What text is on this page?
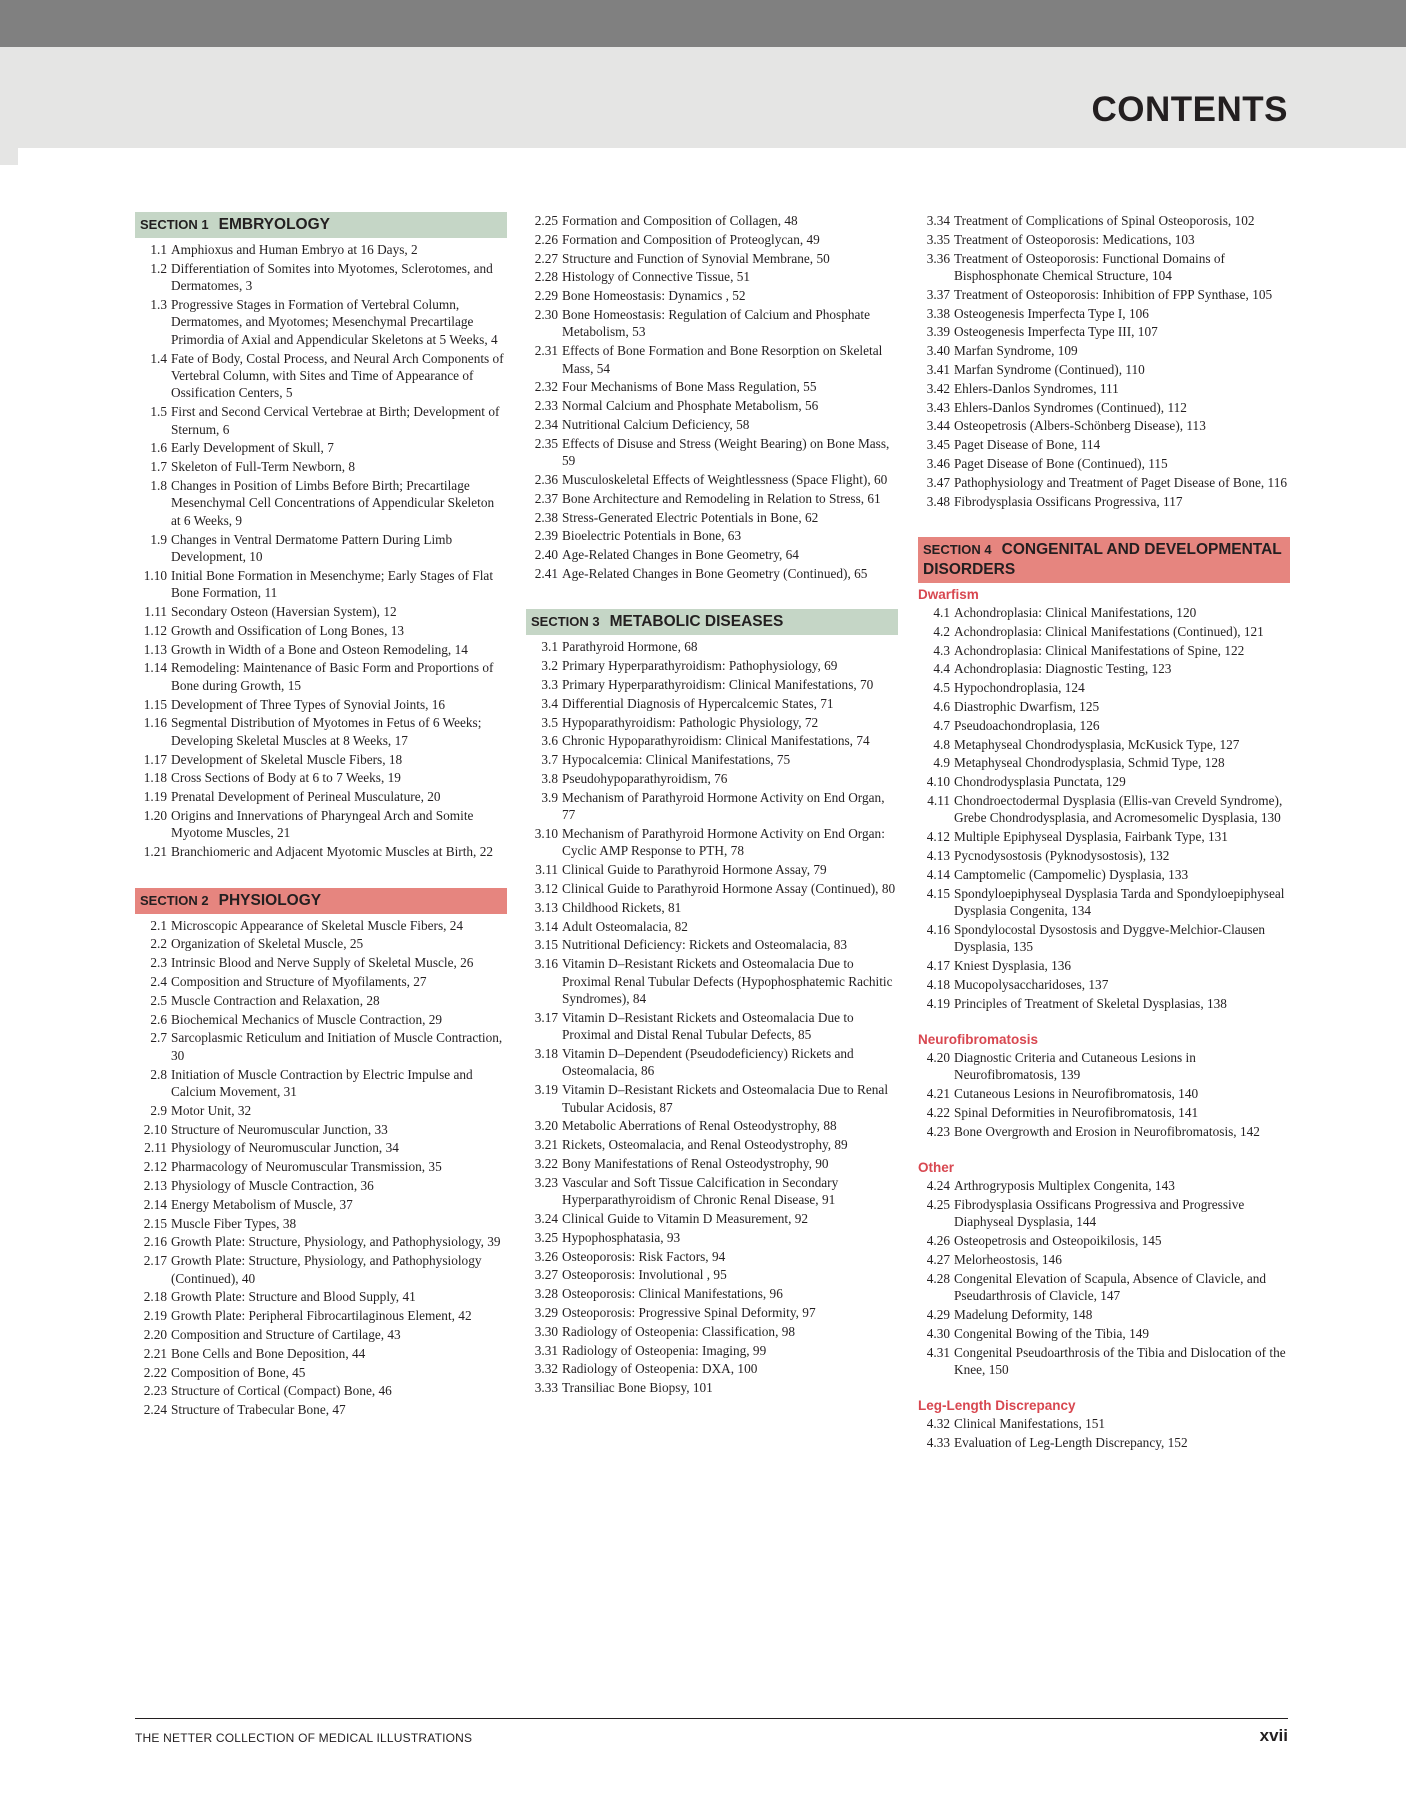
CONTENTS
SECTION 1 EMBRYOLOGY
1.1 Amphioxus and Human Embryo at 16 Days, 2
1.2 Differentiation of Somites into Myotomes, Sclerotomes, and Dermatomes, 3
1.3 Progressive Stages in Formation of Vertebral Column, Dermatomes, and Myotomes; Mesenchymal Precartilage Primordia of Axial and Appendicular Skeletons at 5 Weeks, 4
1.4 Fate of Body, Costal Process, and Neural Arch Components of Vertebral Column, with Sites and Time of Appearance of Ossification Centers, 5
1.5 First and Second Cervical Vertebrae at Birth; Development of Sternum, 6
1.6 Early Development of Skull, 7
1.7 Skeleton of Full-Term Newborn, 8
1.8 Changes in Position of Limbs Before Birth; Precartilage Mesenchymal Cell Concentrations of Appendicular Skeleton at 6 Weeks, 9
1.9 Changes in Ventral Dermatome Pattern During Limb Development, 10
1.10 Initial Bone Formation in Mesenchyme; Early Stages of Flat Bone Formation, 11
1.11 Secondary Osteon (Haversian System), 12
1.12 Growth and Ossification of Long Bones, 13
1.13 Growth in Width of a Bone and Osteon Remodeling, 14
1.14 Remodeling: Maintenance of Basic Form and Proportions of Bone during Growth, 15
1.15 Development of Three Types of Synovial Joints, 16
1.16 Segmental Distribution of Myotomes in Fetus of 6 Weeks; Developing Skeletal Muscles at 8 Weeks, 17
1.17 Development of Skeletal Muscle Fibers, 18
1.18 Cross Sections of Body at 6 to 7 Weeks, 19
1.19 Prenatal Development of Perineal Musculature, 20
1.20 Origins and Innervations of Pharyngeal Arch and Somite Myotome Muscles, 21
1.21 Branchiomeric and Adjacent Myotomic Muscles at Birth, 22
SECTION 2 PHYSIOLOGY
2.1 Microscopic Appearance of Skeletal Muscle Fibers, 24
2.2 Organization of Skeletal Muscle, 25
2.3 Intrinsic Blood and Nerve Supply of Skeletal Muscle, 26
2.4 Composition and Structure of Myofilaments, 27
2.5 Muscle Contraction and Relaxation, 28
2.6 Biochemical Mechanics of Muscle Contraction, 29
2.7 Sarcoplasmic Reticulum and Initiation of Muscle Contraction, 30
2.8 Initiation of Muscle Contraction by Electric Impulse and Calcium Movement, 31
2.9 Motor Unit, 32
2.10 Structure of Neuromuscular Junction, 33
2.11 Physiology of Neuromuscular Junction, 34
2.12 Pharmacology of Neuromuscular Transmission, 35
2.13 Physiology of Muscle Contraction, 36
2.14 Energy Metabolism of Muscle, 37
2.15 Muscle Fiber Types, 38
2.16 Growth Plate: Structure, Physiology, and Pathophysiology, 39
2.17 Growth Plate: Structure, Physiology, and Pathophysiology (Continued), 40
2.18 Growth Plate: Structure and Blood Supply, 41
2.19 Growth Plate: Peripheral Fibrocartilaginous Element, 42
2.20 Composition and Structure of Cartilage, 43
2.21 Bone Cells and Bone Deposition, 44
2.22 Composition of Bone, 45
2.23 Structure of Cortical (Compact) Bone, 46
2.24 Structure of Trabecular Bone, 47
2.25 Formation and Composition of Collagen, 48
2.26 Formation and Composition of Proteoglycan, 49
2.27 Structure and Function of Synovial Membrane, 50
2.28 Histology of Connective Tissue, 51
2.29 Bone Homeostasis: Dynamics , 52
2.30 Bone Homeostasis: Regulation of Calcium and Phosphate Metabolism, 53
2.31 Effects of Bone Formation and Bone Resorption on Skeletal Mass, 54
2.32 Four Mechanisms of Bone Mass Regulation, 55
2.33 Normal Calcium and Phosphate Metabolism, 56
2.34 Nutritional Calcium Deficiency, 58
2.35 Effects of Disuse and Stress (Weight Bearing) on Bone Mass, 59
2.36 Musculoskeletal Effects of Weightlessness (Space Flight), 60
2.37 Bone Architecture and Remodeling in Relation to Stress, 61
2.38 Stress-Generated Electric Potentials in Bone, 62
2.39 Bioelectric Potentials in Bone, 63
2.40 Age-Related Changes in Bone Geometry, 64
2.41 Age-Related Changes in Bone Geometry (Continued), 65
SECTION 3 METABOLIC DISEASES
3.1 Parathyroid Hormone, 68
3.2 Primary Hyperparathyroidism: Pathophysiology, 69
3.3 Primary Hyperparathyroidism: Clinical Manifestations, 70
3.4 Differential Diagnosis of Hypercalcemic States, 71
3.5 Hypoparathyroidism: Pathologic Physiology, 72
3.6 Chronic Hypoparathyroidism: Clinical Manifestations, 74
3.7 Hypocalcemia: Clinical Manifestations, 75
3.8 Pseudohypoparathyroidism, 76
3.9 Mechanism of Parathyroid Hormone Activity on End Organ, 77
3.10 Mechanism of Parathyroid Hormone Activity on End Organ: Cyclic AMP Response to PTH, 78
3.11 Clinical Guide to Parathyroid Hormone Assay, 79
3.12 Clinical Guide to Parathyroid Hormone Assay (Continued), 80
3.13 Childhood Rickets, 81
3.14 Adult Osteomalacia, 82
3.15 Nutritional Deficiency: Rickets and Osteomalacia, 83
3.16 Vitamin D–Resistant Rickets and Osteomalacia Due to Proximal Renal Tubular Defects (Hypophosphatemic Rachitic Syndromes), 84
3.17 Vitamin D–Resistant Rickets and Osteomalacia Due to Proximal and Distal Renal Tubular Defects, 85
3.18 Vitamin D–Dependent (Pseudodeficiency) Rickets and Osteomalacia, 86
3.19 Vitamin D–Resistant Rickets and Osteomalacia Due to Renal Tubular Acidosis, 87
3.20 Metabolic Aberrations of Renal Osteodystrophy, 88
3.21 Rickets, Osteomalacia, and Renal Osteodystrophy, 89
3.22 Bony Manifestations of Renal Osteodystrophy, 90
3.23 Vascular and Soft Tissue Calcification in Secondary Hyperparathyroidism of Chronic Renal Disease, 91
3.24 Clinical Guide to Vitamin D Measurement, 92
3.25 Hypophosphatasia, 93
3.26 Osteoporosis: Risk Factors, 94
3.27 Osteoporosis: Involutional , 95
3.28 Osteoporosis: Clinical Manifestations, 96
3.29 Osteoporosis: Progressive Spinal Deformity, 97
3.30 Radiology of Osteopenia: Classification, 98
3.31 Radiology of Osteopenia: Imaging, 99
3.32 Radiology of Osteopenia: DXA, 100
3.33 Transiliac Bone Biopsy, 101
3.34 Treatment of Complications of Spinal Osteoporosis, 102
3.35 Treatment of Osteoporosis: Medications, 103
3.36 Treatment of Osteoporosis: Functional Domains of Bisphosphonate Chemical Structure, 104
3.37 Treatment of Osteoporosis: Inhibition of FPP Synthase, 105
3.38 Osteogenesis Imperfecta Type I, 106
3.39 Osteogenesis Imperfecta Type III, 107
3.40 Marfan Syndrome, 109
3.41 Marfan Syndrome (Continued), 110
3.42 Ehlers-Danlos Syndromes, 111
3.43 Ehlers-Danlos Syndromes (Continued), 112
3.44 Osteopetrosis (Albers-Schönberg Disease), 113
3.45 Paget Disease of Bone, 114
3.46 Paget Disease of Bone (Continued), 115
3.47 Pathophysiology and Treatment of Paget Disease of Bone, 116
3.48 Fibrodysplasia Ossificans Progressiva, 117
SECTION 4 CONGENITAL AND DEVELOPMENTAL DISORDERS
Dwarfism
4.1 Achondroplasia: Clinical Manifestations, 120
4.2 Achondroplasia: Clinical Manifestations (Continued), 121
4.3 Achondroplasia: Clinical Manifestations of Spine, 122
4.4 Achondroplasia: Diagnostic Testing, 123
4.5 Hypochondroplasia, 124
4.6 Diastrophic Dwarfism, 125
4.7 Pseudoachondroplasia, 126
4.8 Metaphyseal Chondrodysplasia, McKusick Type, 127
4.9 Metaphyseal Chondrodysplasia, Schmid Type, 128
4.10 Chondrodysplasia Punctata, 129
4.11 Chondroectodermal Dysplasia (Ellis-van Creveld Syndrome), Grebe Chondrodysplasia, and Acromesomelic Dysplasia, 130
4.12 Multiple Epiphyseal Dysplasia, Fairbank Type, 131
4.13 Pycnodysostosis (Pyknodysostosis), 132
4.14 Camptomelic (Campomelic) Dysplasia, 133
4.15 Spondyloepiphyseal Dysplasia Tarda and Spondyloepiphyseal Dysplasia Congenita, 134
4.16 Spondylocostal Dysostosis and Dyggve-Melchior-Clausen Dysplasia, 135
4.17 Kniest Dysplasia, 136
4.18 Mucopolysaccharidoses, 137
4.19 Principles of Treatment of Skeletal Dysplasias, 138
Neurofibromatosis
4.20 Diagnostic Criteria and Cutaneous Lesions in Neurofibromatosis, 139
4.21 Cutaneous Lesions in Neurofibromatosis, 140
4.22 Spinal Deformities in Neurofibromatosis, 141
4.23 Bone Overgrowth and Erosion in Neurofibromatosis, 142
Other
4.24 Arthrogryposis Multiplex Congenita, 143
4.25 Fibrodysplasia Ossificans Progressiva and Progressive Diaphyseal Dysplasia, 144
4.26 Osteopetrosis and Osteopoikilosis, 145
4.27 Melorheostosis, 146
4.28 Congenital Elevation of Scapula, Absence of Clavicle, and Pseudarthrosis of Clavicle, 147
4.29 Madelung Deformity, 148
4.30 Congenital Bowing of the Tibia, 149
4.31 Congenital Pseudoarthrosis of the Tibia and Dislocation of the Knee, 150
Leg-Length Discrepancy
4.32 Clinical Manifestations, 151
4.33 Evaluation of Leg-Length Discrepancy, 152
THE NETTER COLLECTION OF MEDICAL ILLUSTRATIONS	xvii
